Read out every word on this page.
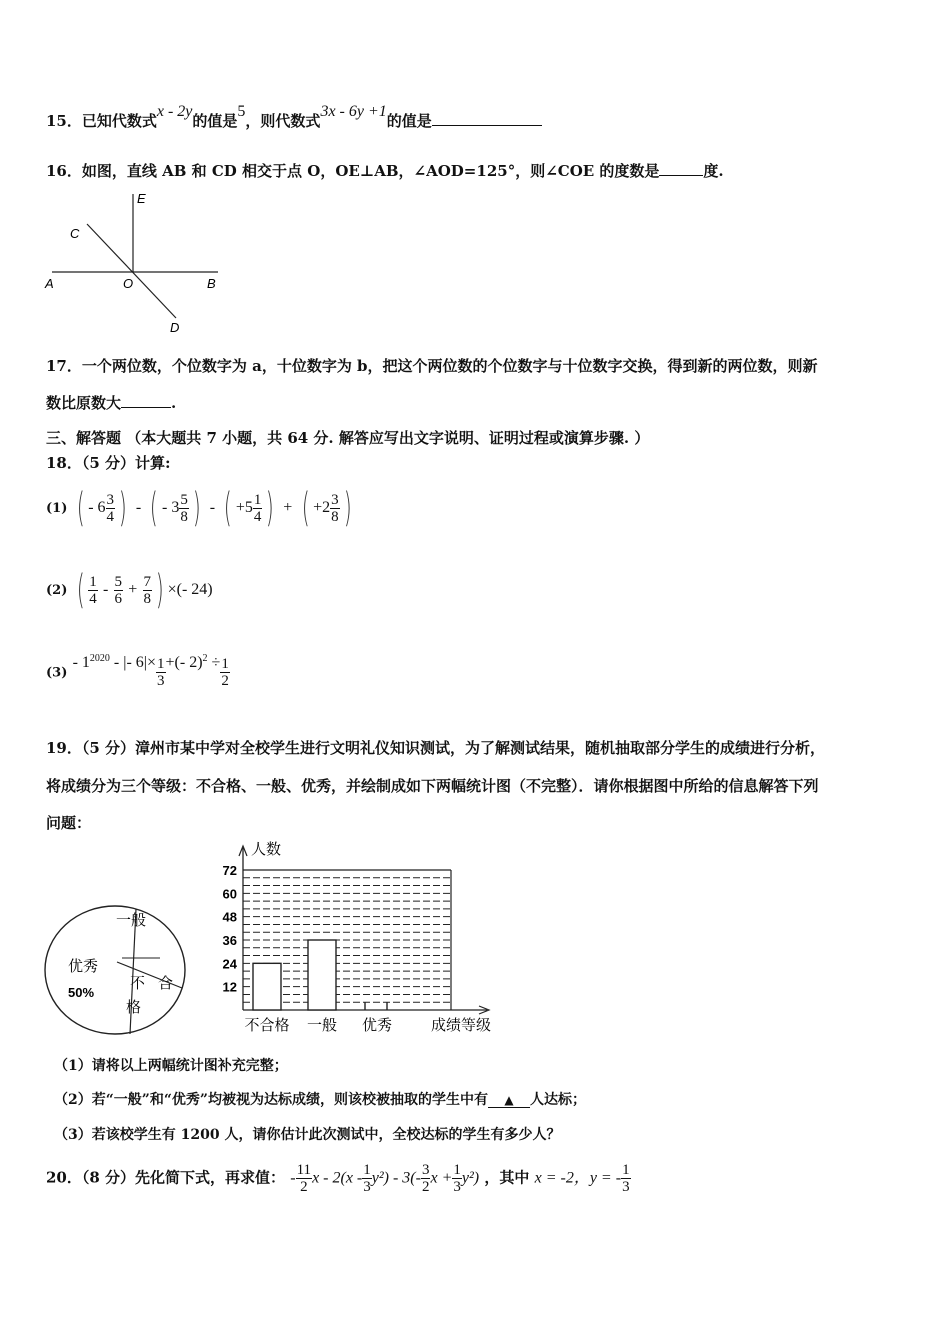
15．已知代数式x - 2y的值是5，则代数式3x - 6y +1的值是
16．如图，直线 AB 和 CD 相交于点 O，OE⊥AB，∠AOD=125°，则∠COE 的度数是	度.
E
C
A	O	B
D
17．一个两位数，个位数字为 a，十位数字为 b，把这个两位数的个位数字与十位数字交换，得到新的两位数，则新
数比原数大	.
三、解答题 （本大题共 7 小题，共 64 分. 解答应写出文字说明、证明过程或演算步骤. ）
18．（5 分）计算:
(1) ( - $6 \frac{3}{4}$ ) - ( - $3 \frac{5}{8}$ ) - ( $+5 \frac{1}{4}$ ) + ( $+2 \frac{3}{8}$ )
(2) ( $\frac{1}{4} - \frac{5}{6} + \frac{7}{8}$ ) ×(- 24)
$(3) - 1^{2020}$ - |- $6|\times \frac{1}{3}$ +(- $2)^2 \div \frac{1}{2}$
19．（5 分）漳州市某中学对全校学生进行文明礼仪知识测试，为了解测试结果，随机抽取部分学生的成绩进行分析，
将成绩分为三个等级：不合格、一般、优秀，并绘制成如下两幅统计图（不完整）．请你根据图中所给的信息解答下列
问题：
一般
优秀
50%
不 合
格
12
24
36
48
60
72
人数
不合格 一般 优秀	成绩等级
（1）请将以上两幅统计图补充完整；
（2）若“一般”和“优秀”均被视为达标成绩，则该校被抽取的学生中有 ▲ 人达标；
（3）若该校学生有 1200 人，请你估计此次测试中，全校达标的学生有多少人？
20．（8 分）先化简下式，再求值： - $\frac{11}{2}$ x - $2(x - \frac{1}{3} y^2) - 3(- \frac{3}{2}$ $x + \frac{1}{3} y^2$) ，其中 x = -2，y = - $\frac{1}{3}$
